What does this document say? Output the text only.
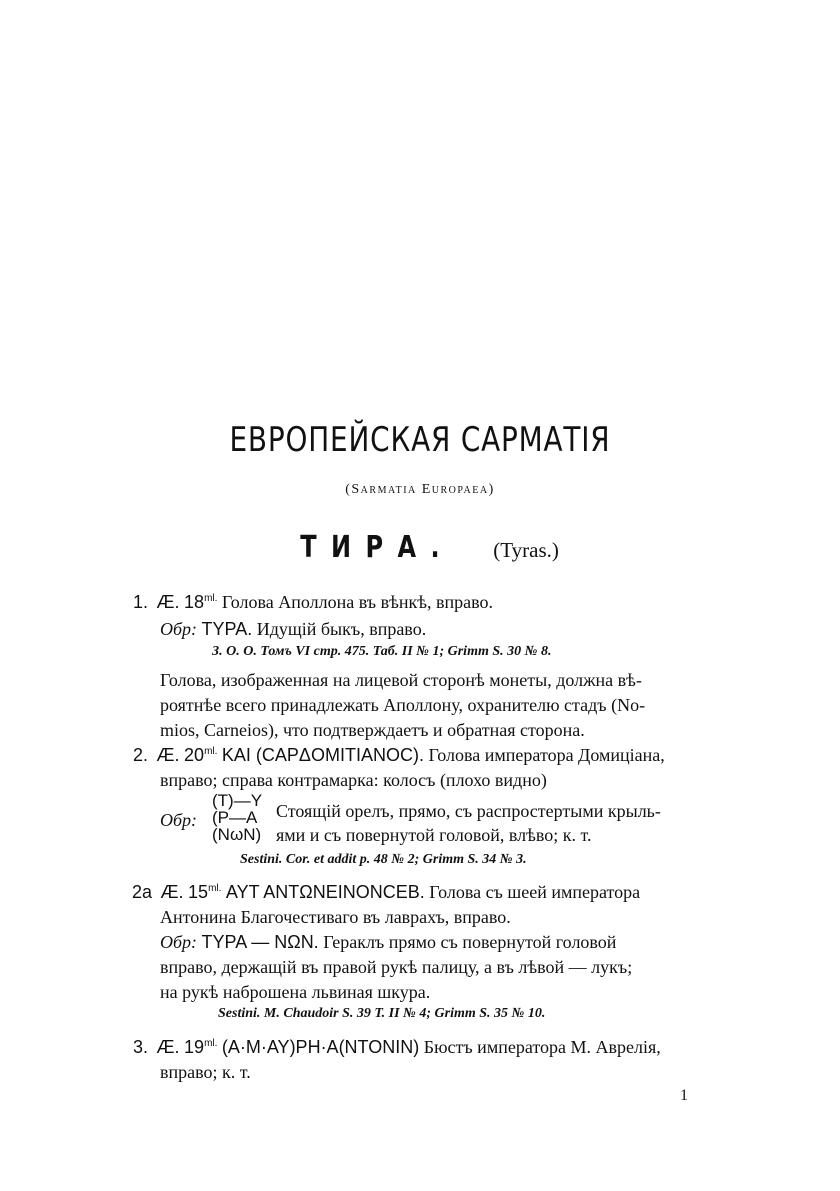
ЕВРОПЕЙСКАЯ САРМАТІЯ
(Sarmatia Europaea)
ТИРА. (Tyras.)
1. Æ. $18^{ml.}$ Голова Аполлона въ вѣнкѣ, вправо.
Обр: TYPA. Идущій быкъ, вправо.
З. О. О. Томъ VI стр. 475. Таб. II № 1; Grimm S. 30 № 8.
Голова, изображенная на лицевой сторонѣ монеты, должна вѣ-
роятнѣе всего принадлежать Аполлону, охранителю стадъ (No-
mios, Carneios), что подтверждаетъ и обратная сторона.
2. Æ. $20^{ml.}$ KAI (CAPΔOMITIANOC). Голова императора Домиціана,
вправо; справа контрамарка: колосъ (плохо видно)
Обр:
(T)—Y
(P—A
(NωN)
Стоящій орелъ, прямо, съ распростертыми крыль-
ями и съ повернутой головой, влѣво; к. т.
Sestini. Cor. et addit p. 48 № 2; Grimm S. 34 № 3.
2a Æ. $15^{ml.}$ AYT ANTΩNEINONCEB. Голова съ шеей императора
Антонина Благочестиваго въ лаврахъ, вправо.
Обр: TYPA — NΩN. Гераклъ прямо съ повернутой головой
вправо, держащій въ правой рукѣ палицу, а въ лѣвой — лукъ;
на рукѣ наброшена львиная шкура.
Sestini. M. Chaudoir S. 39 T. II № 4; Grimm S. 35 № 10.
3. Æ. $19^{ml.}$ (A·M·AY)PH·A(NTONIN) Бюстъ императора М. Аврелія,
вправо; к. т.
1
